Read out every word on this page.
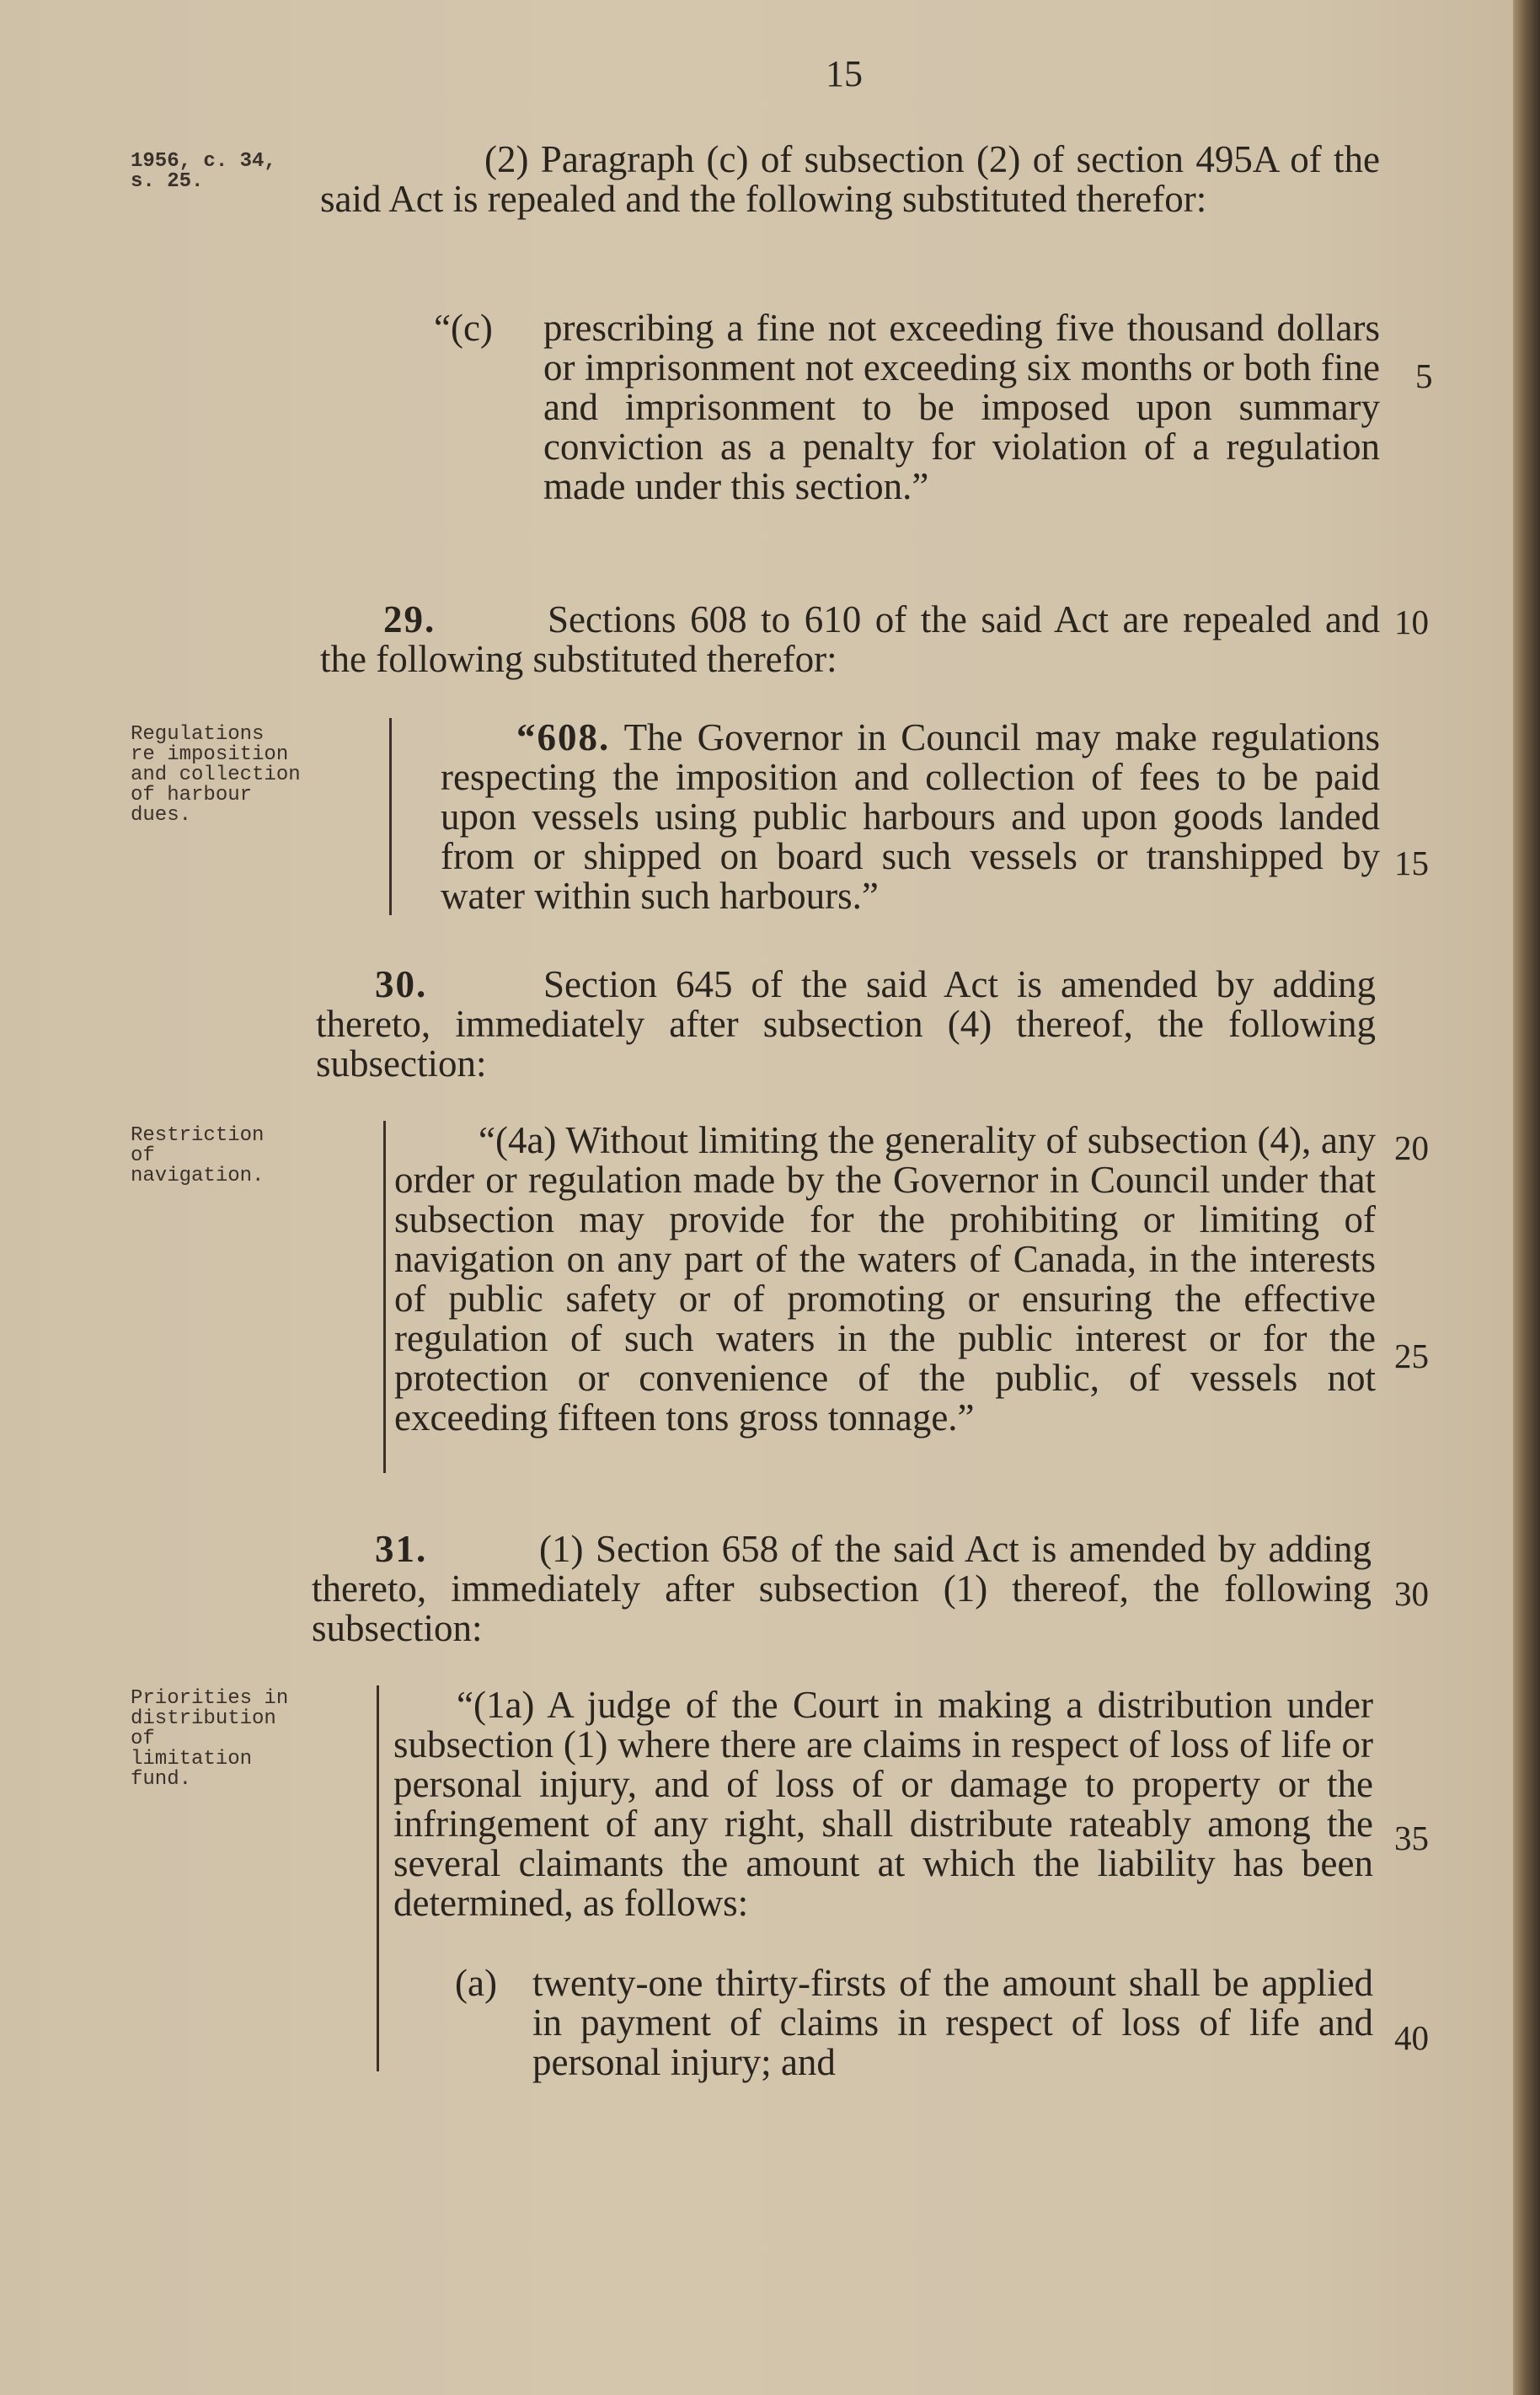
15
1956, c. 34,
s. 25.
Regulations
re imposition
and collection
of harbour
dues.
Restriction
of
navigation.
Priorities in
distribution of
limitation
fund.
(2) Paragraph (c) of subsection (2) of section 495A of the said Act is repealed and the following substituted therefor:
“(c)	prescribing a fine not exceeding five thousand dollars or imprisonment not exceeding six months or both fine and imprisonment to be imposed upon summary conviction as a penalty for violation of a regulation made under this section.”
29.	Sections 608 to 610 of the said Act are repealed and the following substituted therefor:
“608. The Governor in Council may make regulations respecting the imposition and collection of fees to be paid upon vessels using public harbours and upon goods landed from or shipped on board such vessels or transhipped by water within such harbours.”
30.	Section 645 of the said Act is amended by adding thereto, immediately after subsection (4) thereof, the following subsection:
“(4a) Without limiting the generality of subsection (4), any order or regulation made by the Governor in Council under that subsection may provide for the prohibiting or limiting of navigation on any part of the waters of Canada, in the interests of public safety or of promoting or ensuring the effective regulation of such waters in the public interest or for the protection or convenience of the public, of vessels not exceeding fifteen tons gross tonnage.”
31.	(1) Section 658 of the said Act is amended by adding thereto, immediately after subsection (1) thereof, the following subsection:
“(1a) A judge of the Court in making a distribution under subsection (1) where there are claims in respect of loss of life or personal injury, and of loss of or damage to property or the infringement of any right, shall distribute rateably among the several claimants the amount at which the liability has been determined, as follows:
(a) twenty-one thirty-firsts of the amount shall be applied in payment of claims in respect of loss of life and personal injury; and
5
10
15
20
25
30
35
40
